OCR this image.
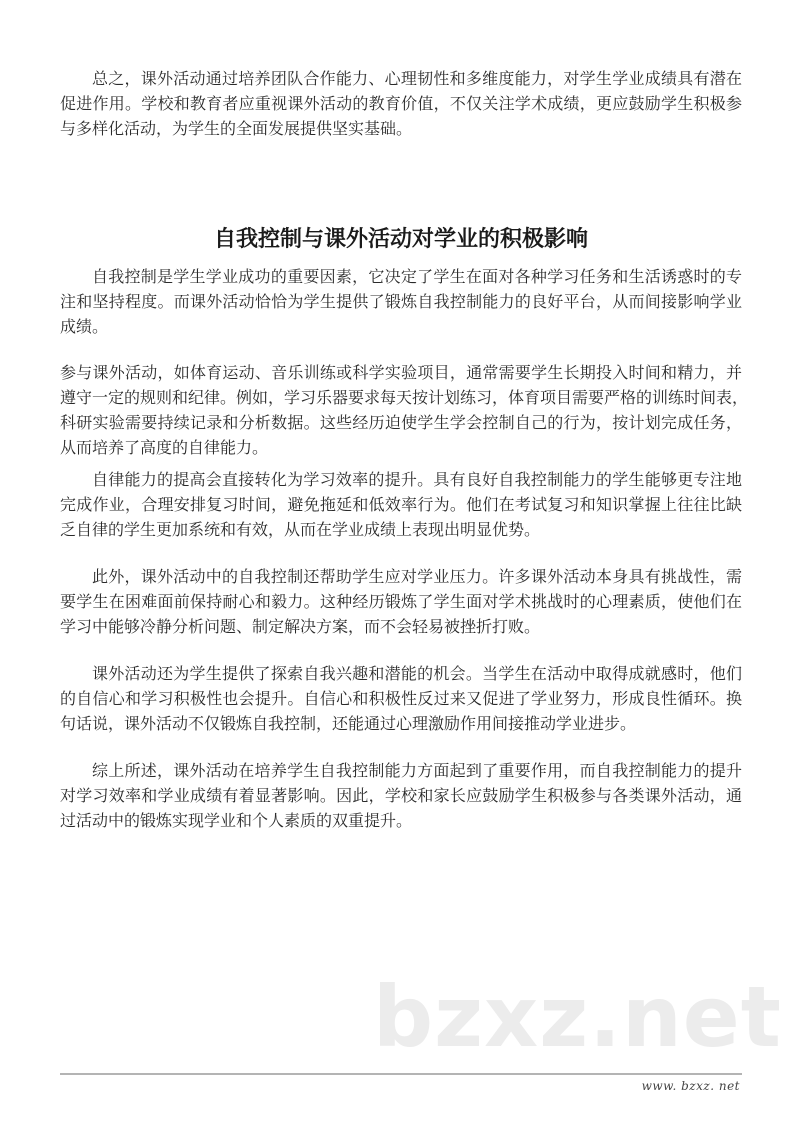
总之，课外活动通过培养团队合作能力、心理韧性和多维度能力，对学生学业成绩具有潜在
促进作用。学校和教育者应重视课外活动的教育价值，不仅关注学术成绩，更应鼓励学生积极参
与多样化活动，为学生的全面发展提供坚实基础。
自我控制与课外活动对学业的积极影响
自我控制是学生学业成功的重要因素，它决定了学生在面对各种学习任务和生活诱惑时的专
注和坚持程度。而课外活动恰恰为学生提供了锻炼自我控制能力的良好平台，从而间接影响学业
成绩。
参与课外活动，如体育运动、音乐训练或科学实验项目，通常需要学生长期投入时间和精力，并
遵守一定的规则和纪律。例如，学习乐器要求每天按计划练习，体育项目需要严格的训练时间表，
科研实验需要持续记录和分析数据。这些经历迫使学生学会控制自己的行为，按计划完成任务，
从而培养了高度的自律能力。
自律能力的提高会直接转化为学习效率的提升。具有良好自我控制能力的学生能够更专注地
完成作业，合理安排复习时间，避免拖延和低效率行为。他们在考试复习和知识掌握上往往比缺
乏自律的学生更加系统和有效，从而在学业成绩上表现出明显优势。
此外，课外活动中的自我控制还帮助学生应对学业压力。许多课外活动本身具有挑战性，需
要学生在困难面前保持耐心和毅力。这种经历锻炼了学生面对学术挑战时的心理素质，使他们在
学习中能够冷静分析问题、制定解决方案，而不会轻易被挫折打败。
课外活动还为学生提供了探索自我兴趣和潜能的机会。当学生在活动中取得成就感时，他们
的自信心和学习积极性也会提升。自信心和积极性反过来又促进了学业努力，形成良性循环。换
句话说，课外活动不仅锻炼自我控制，还能通过心理激励作用间接推动学业进步。
综上所述，课外活动在培养学生自我控制能力方面起到了重要作用，而自我控制能力的提升
对学习效率和学业成绩有着显著影响。因此，学校和家长应鼓励学生积极参与各类课外活动，通
过活动中的锻炼实现学业和个人素质的双重提升。
bzxz.net
www. bzxz. net
